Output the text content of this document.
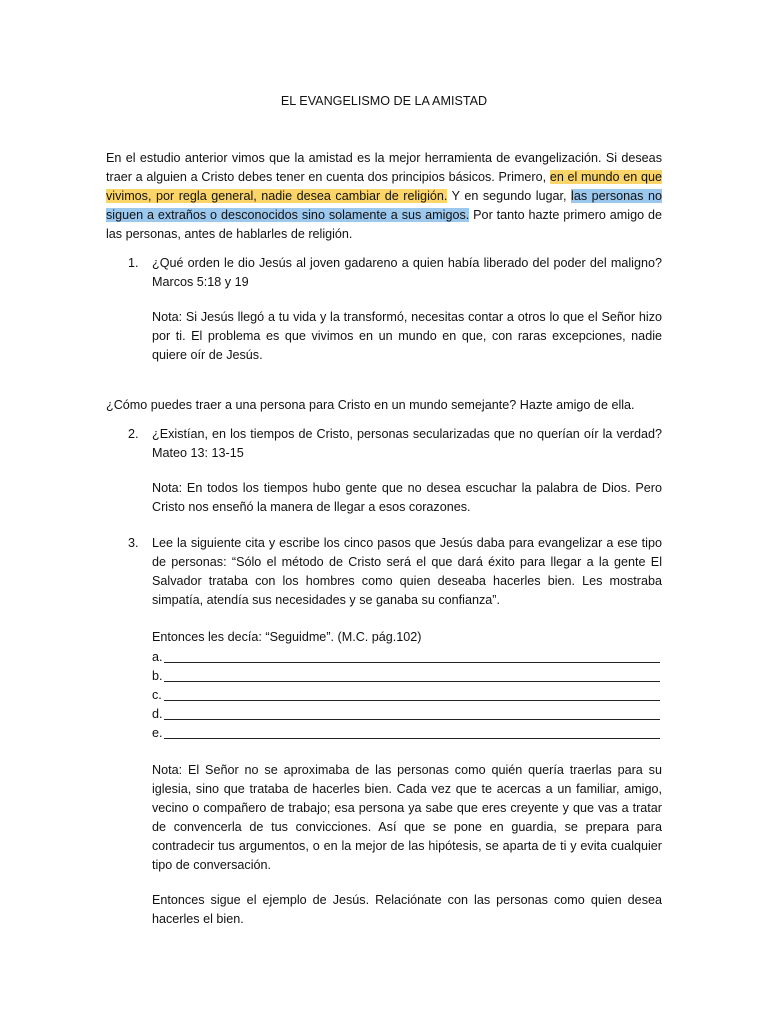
EL EVANGELISMO DE LA AMISTAD
En el estudio anterior vimos que la amistad es la mejor herramienta de evangelización. Si deseas traer a alguien a Cristo debes tener en cuenta dos principios básicos. Primero, en el mundo en que vivimos, por regla general, nadie desea cambiar de religión. Y en segundo lugar, las personas no siguen a extraños o desconocidos sino solamente a sus amigos. Por tanto hazte primero amigo de las personas, antes de hablarles de religión.
1. ¿Qué orden le dio Jesús al joven gadareno a quien había liberado del poder del maligno? Marcos 5:18 y 19
Nota: Si Jesús llegó a tu vida y la transformó, necesitas contar a otros lo que el Señor hizo por ti. El problema es que vivimos en un mundo en que, con raras excepciones, nadie quiere oír de Jesús.
¿Cómo puedes traer a una persona para Cristo en un mundo semejante? Hazte amigo de ella.
2. ¿Existían, en los tiempos de Cristo, personas secularizadas que no querían oír la verdad? Mateo 13: 13-15
Nota: En todos los tiempos hubo gente que no desea escuchar la palabra de Dios. Pero Cristo nos enseñó la manera de llegar a esos corazones.
3. Lee la siguiente cita y escribe los cinco pasos que Jesús daba para evangelizar a ese tipo de personas: “Sólo el método de Cristo será el que dará éxito para llegar a la gente El Salvador trataba con los hombres como quien deseaba hacerles bien. Les mostraba simpatía, atendía sus necesidades y se ganaba su confianza”.
Entonces les decía: “Seguidme”. (M.C. pág.102)
a.
b.
c.
d.
e.
Nota: El Señor no se aproximaba de las personas como quién quería traerlas para su iglesia, sino que trataba de hacerles bien. Cada vez que te acercas a un familiar, amigo, vecino o compañero de trabajo; esa persona ya sabe que eres creyente y que vas a tratar de convencerla de tus convicciones. Así que se pone en guardia, se prepara para contradecir tus argumentos, o en la mejor de las hipótesis, se aparta de ti y evita cualquier tipo de conversación.
Entonces sigue el ejemplo de Jesús. Relaciónate con las personas como quien desea hacerles el bien.
